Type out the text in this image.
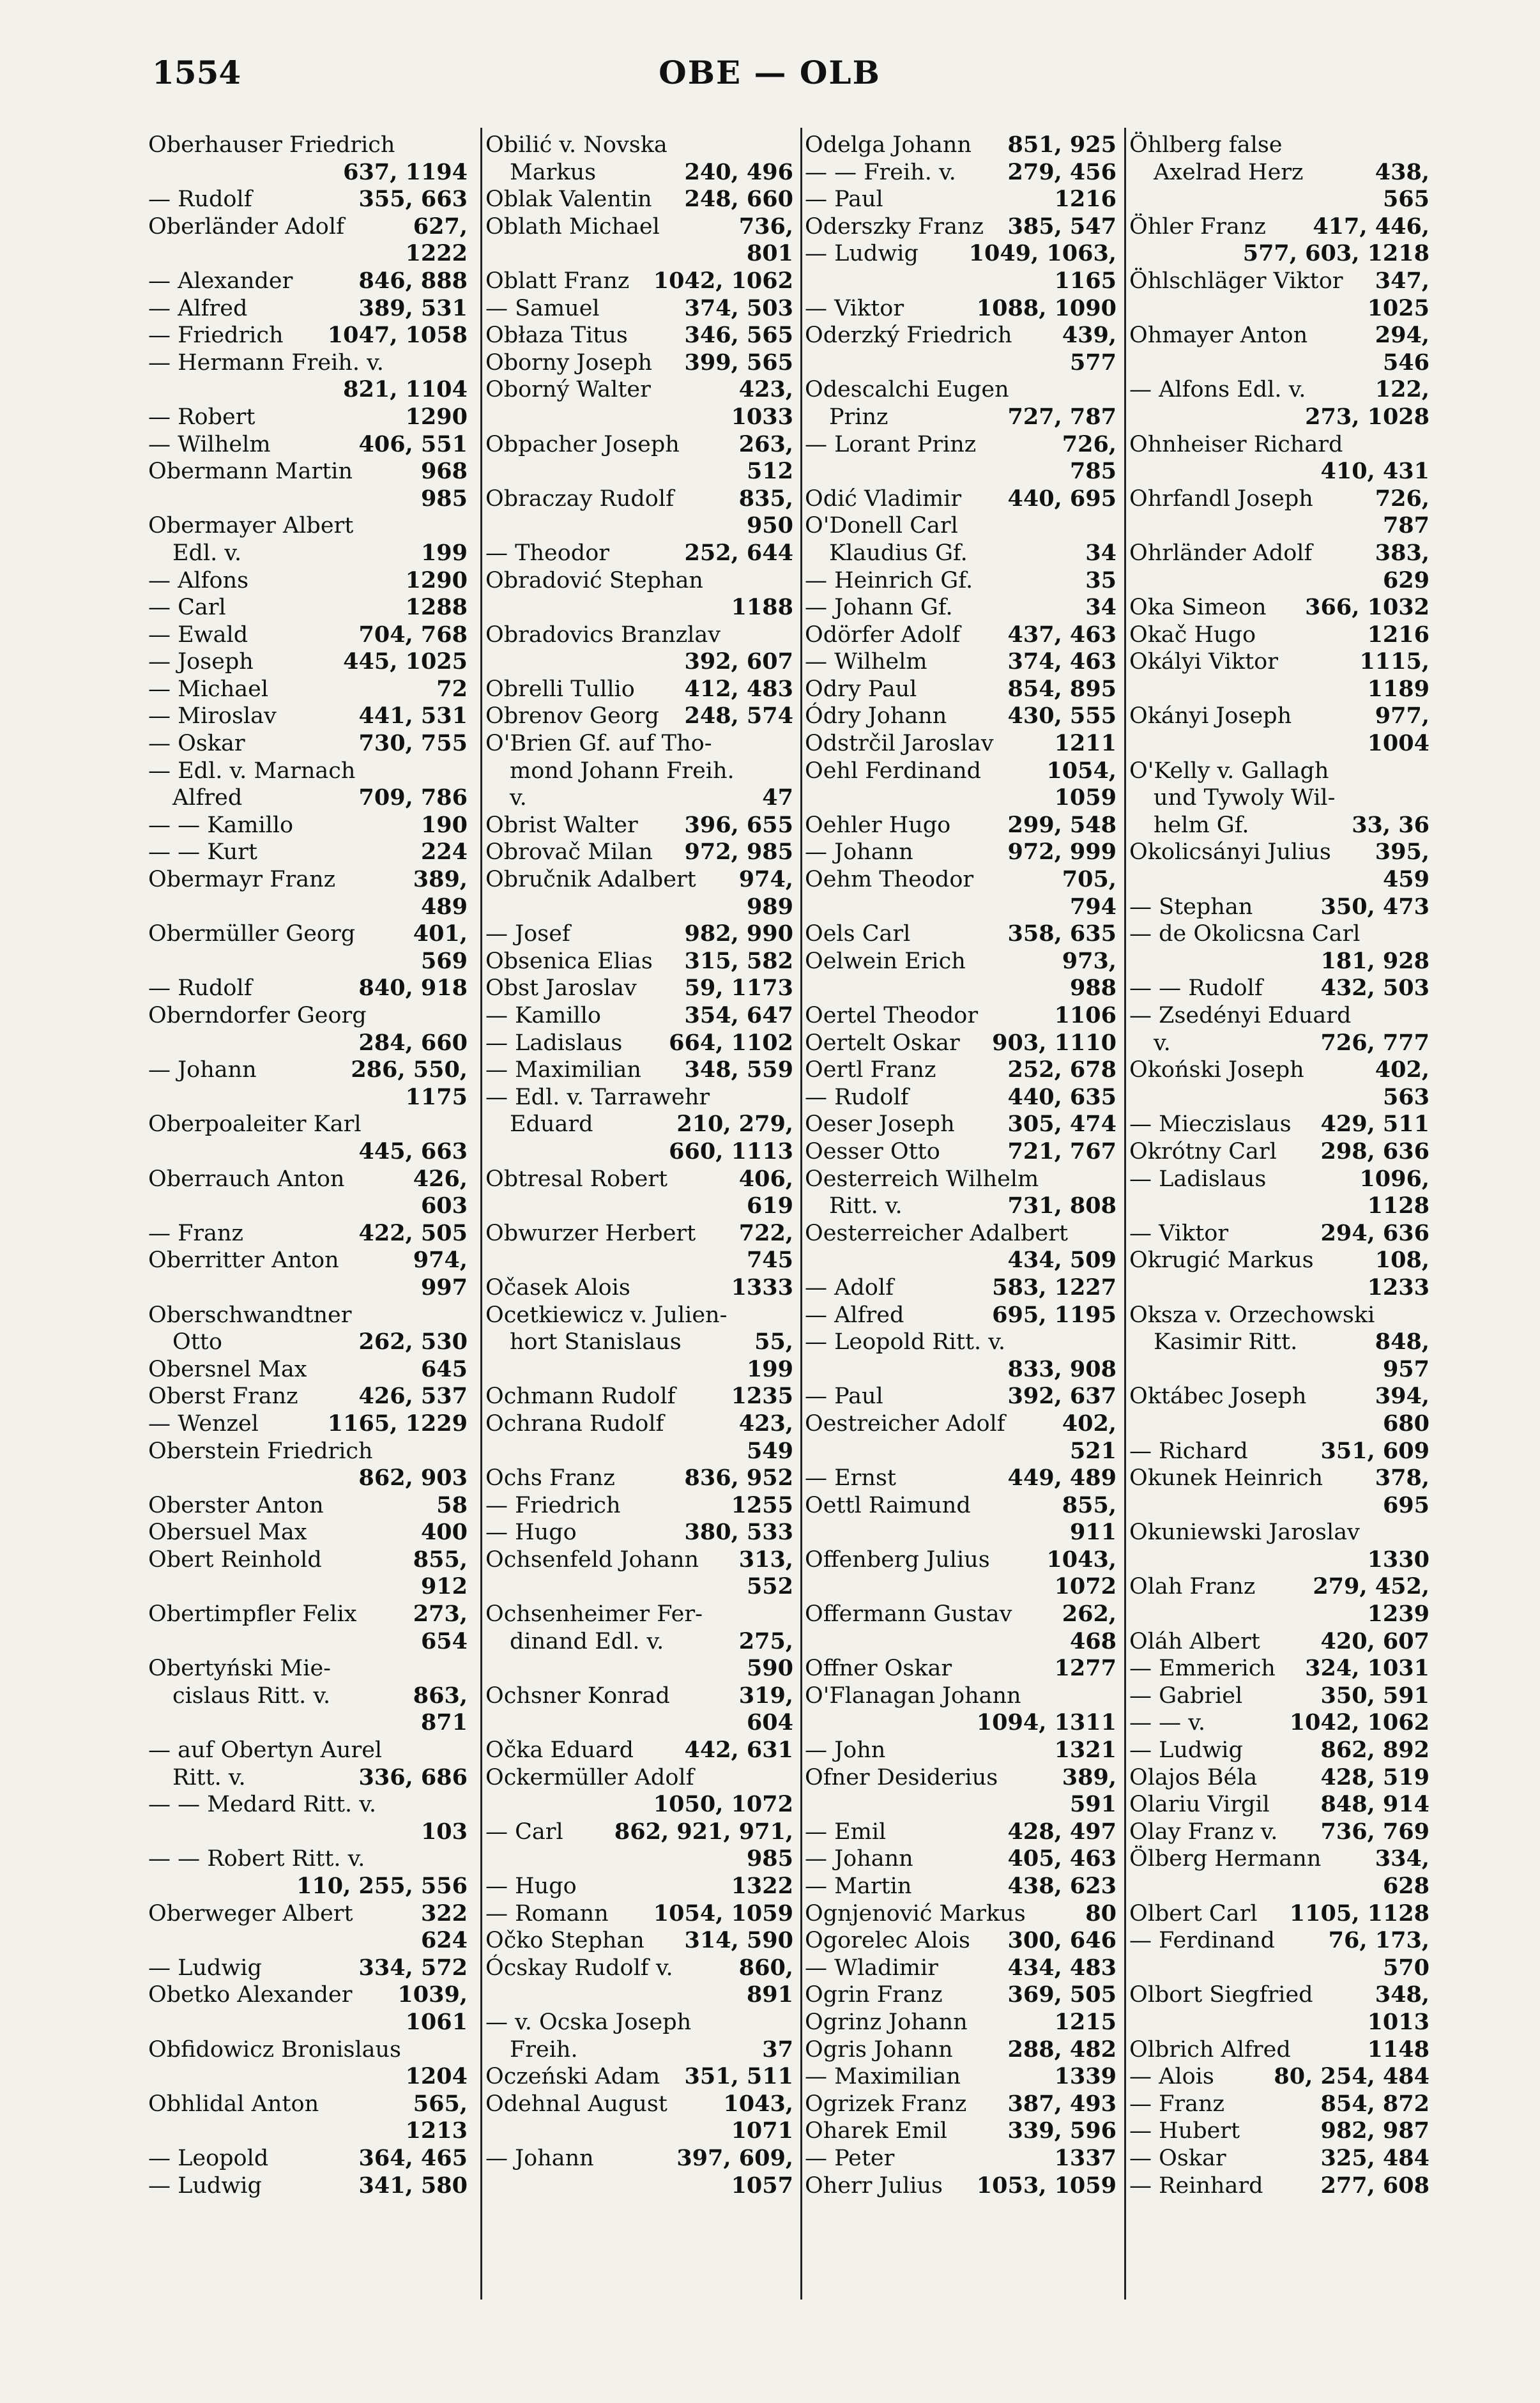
1554	OBE — OLB
Oberhauser Friedrich
637, 1194
— Rudolf	355, 663
Oberländer Adolf	627,
1222
— Alexander	846, 888
— Alfred	389, 531
— Friedrich 1047, 1058
— Hermann Freih. v.
821, 1104
— Robert	1290
— Wilhelm	406, 551
Obermann Martin	968
985
Obermayer Albert
Edl. v.	199
— Alfons	1290
— Carl	1288
— Ewald	704, 768
— Joseph	445, 1025
— Michael	72
— Miroslav	441, 531
— Oskar	730, 755
— Edl. v. Marnach
Alfred	709, 786
— — Kamillo	190
— — Kurt	224
Obermayr Franz	389,
489
Obermüller Georg	401,
569
— Rudolf	840, 918
Oberndorfer Georg
284, 660
— Johann	286, 550,
1175
Oberpoaleiter Karl
445, 663
Oberrauch Anton	426,
603
— Franz	422, 505
Oberritter Anton	974,
997
Oberschwandtner
Otto	262, 530
Obersnel Max	645
Oberst Franz	426, 537
— Wenzel	1165, 1229
Oberstein Friedrich
862, 903
Oberster Anton	58
Obersuel Max	400
Obert Reinhold	855,
912
Obertimpfler Felix	273,
654
Obertyński Mie-
cislaus Ritt. v.	863,
871
— auf Obertyn Aurel
Ritt. v.	336, 686
— — Medard Ritt. v.
103
— — Robert Ritt. v.
110, 255, 556
Oberweger Albert	322
624
— Ludwig	334, 572
Obetko Alexander 1039,
1061
Obfidowicz Bronislaus
1204
Obhlidal Anton	565,
1213
— Leopold	364, 465
— Ludwig	341, 580
Obilić v. Novska
Markus	240, 496
Oblak Valentin 248, 660
Oblath Michael	736,
801
Oblatt Franz 1042, 1062
— Samuel	374, 503
Obłaza Titus	346, 565
Oborny Joseph 399, 565
Oborný Walter	423,
1033
Obpacher Joseph	263,
512
Obraczay Rudolf	835,
950
— Theodor	252, 644
Obradović Stephan
1188
Obradovics Branzlav
392, 607
Obrelli Tullio 412, 483
Obrenov Georg 248, 574
O'Brien Gf. auf Tho-
mond Johann Freih.
v.	47
Obrist Walter 396, 655
Obrovač Milan 972, 985
Obručnik Adalbert 974,
989
— Josef	982, 990
Obsenica Elias 315, 582
Obst Jaroslav 59, 1173
— Kamillo	354, 647
— Ladislaus 664, 1102
— Maximilian 348, 559
— Edl. v. Tarrawehr
Eduard	210, 279,
660, 1113
Obtresal Robert	406,
619
Obwurzer Herbert 722,
745
Očasek Alois	1333
Ocetkiewicz v. Julien-
hort Stanislaus	55,
199
Ochmann Rudolf 1235
Ochrana Rudolf	423,
549
Ochs Franz	836, 952
— Friedrich	1255
— Hugo	380, 533
Ochsenfeld Johann 313,
552
Ochsenheimer Fer-
dinand Edl. v.	275,
590
Ochsner Konrad	319,
604
Očka Eduard 442, 631
Ockermüller Adolf
1050, 1072
— Carl 862, 921, 971,
985
— Hugo	1322
— Romann 1054, 1059
Očko Stephan 314, 590
Ócskay Rudolf v.	860,
891
— v. Ocska Joseph
Freih.	37
Oczeński Adam 351, 511
Odehnal August	1043,
1071
— Johann	397, 609,
1057
Odelga Johann 851, 925
— — Freih. v. 279, 456
— Paul	1216
Oderszky Franz 385, 547
— Ludwig 1049, 1063,
1165
— Viktor	1088, 1090
Oderzký Friedrich 439,
577
Odescalchi Eugen
Prinz	727, 787
— Lorant Prinz	726,
785
Odić Vladimir 440, 695
O'Donell Carl
Klaudius Gf.	34
— Heinrich Gf.	35
— Johann Gf.	34
Odörfer Adolf 437, 463
— Wilhelm	374, 463
Odry Paul	854, 895
Ódry Johann	430, 555
Odstrčil Jaroslav	1211
Oehl Ferdinand	1054,
1059
Oehler Hugo	299, 548
— Johann	972, 999
Oehm Theodor	705,
794
Oels Carl	358, 635
Oelwein Erich	973,
988
Oertel Theodor	1106
Oertelt Oskar 903, 1110
Oertl Franz	252, 678
— Rudolf	440, 635
Oeser Joseph 305, 474
Oesser Otto	721, 767
Oesterreich Wilhelm
Ritt. v.	731, 808
Oesterreicher Adalbert
434, 509
— Adolf	583, 1227
— Alfred	695, 1195
— Leopold Ritt. v.
833, 908
— Paul	392, 637
Oestreicher Adolf	402,
521
— Ernst	449, 489
Oettl Raimund	855,
911
Offenberg Julius	1043,
1072
Offermann Gustav 262,
468
Offner Oskar	1277
O'Flanagan Johann
1094, 1311
— John	1321
Ofner Desiderius	389,
591
— Emil	428, 497
— Johann	405, 463
— Martin	438, 623
Ognjenović Markus	80
Ogorelec Alois 300, 646
— Wladimir	434, 483
Ogrin Franz	369, 505
Ogrinz Johann	1215
Ogris Johann 288, 482
— Maximilian	1339
Ogrizek Franz 387, 493
Oharek Emil	339, 596
— Peter	1337
Oherr Julius 1053, 1059
Öhlberg false
Axelrad Herz	438,
565
Öhler Franz 417, 446,
577, 603, 1218
Öhlschläger Viktor 347,
1025
Ohmayer Anton	294,
546
— Alfons Edl. v.	122,
273, 1028
Ohnheiser Richard
410, 431
Ohrfandl Joseph	726,
787
Ohrländer Adolf	383,
629
Oka Simeon 366, 1032
Okač Hugo	1216
Okályi Viktor	1115,
1189
Okányi Joseph	977,
1004
O'Kelly v. Gallagh
und Tywoly Wil-
helm Gf.	33, 36
Okolicsányi Julius 395,
459
— Stephan	350, 473
— de Okolicsna Carl
181, 928
— — Rudolf	432, 503
— Zsedényi Eduard
v.	726, 777
Okoński Joseph	402,
563
— Mieczislaus 429, 511
Okrótny Carl 298, 636
— Ladislaus	1096,
1128
— Viktor	294, 636
Okrugić Markus	108,
1233
Oksza v. Orzechowski
Kasimir Ritt.	848,
957
Oktábec Joseph	394,
680
— Richard	351, 609
Okunek Heinrich 378,
695
Okuniewski Jaroslav
1330
Olah Franz	279, 452,
1239
Oláh Albert	420, 607
— Emmerich 324, 1031
— Gabriel	350, 591
— — v.	1042, 1062
— Ludwig	862, 892
Olajos Béla	428, 519
Olariu Virgil 848, 914
Olay Franz v. 736, 769
Ölberg Hermann 334,
628
Olbert Carl 1105, 1128
— Ferdinand 76, 173,
570
Olbort Siegfried	348,
1013
Olbrich Alfred	1148
— Alois	80, 254, 484
— Franz	854, 872
— Hubert	982, 987
— Oskar	325, 484
— Reinhard	277, 608
